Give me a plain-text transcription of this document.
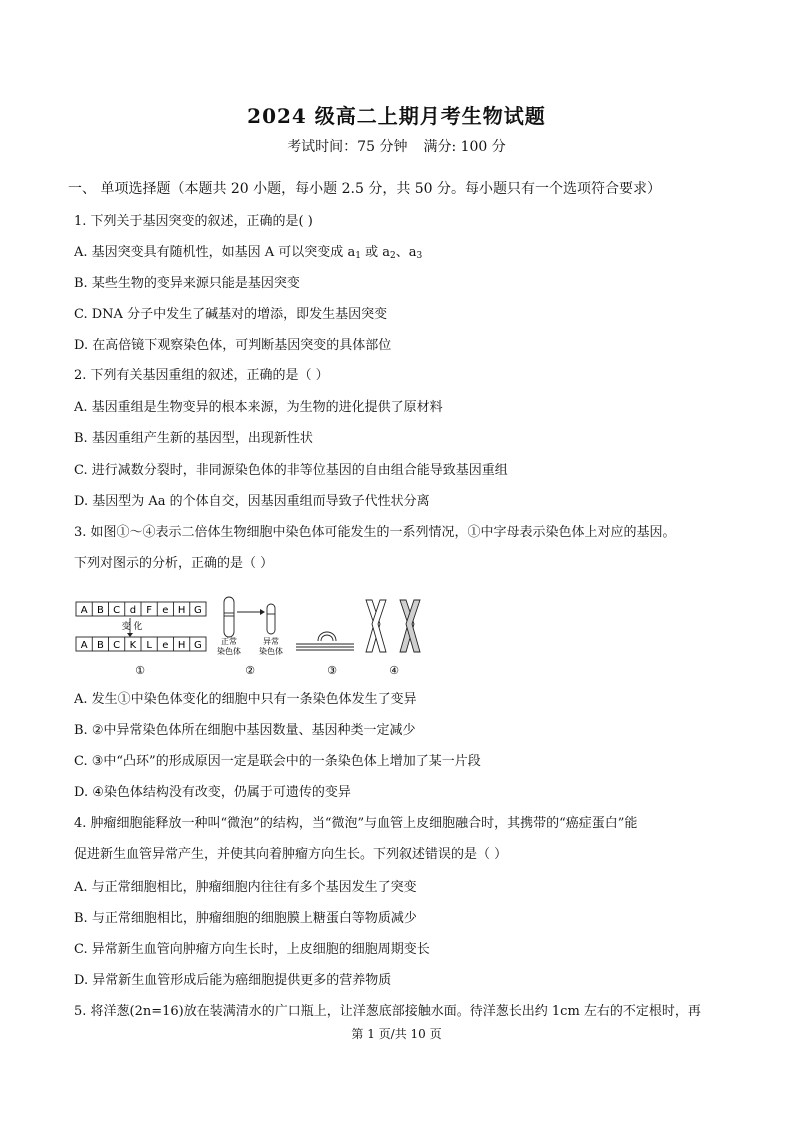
2024 级高二上期月考生物试题
考试时间：75 分钟 满分: 100 分
一、 单项选择题（本题共 20 小题，每小题 2.5 分，共 50 分。每小题只有一个选项符合要求）
1. 下列关于基因突变的叙述，正确的是( )
A. 基因突变具有随机性，如基因 A 可以突变成 $a_1$ 或 $a_2$、$a_3$
B. 某些生物的变异来源只能是基因突变
C. DNA 分子中发生了碱基对的增添，即发生基因突变
D. 在高倍镜下观察染色体，可判断基因突变的具体部位
2. 下列有关基因重组的叙述，正确的是（ ）
A. 基因重组是生物变异的根本来源，为生物的进化提供了原材料
B. 基因重组产生新的基因型，出现新性状
C. 进行减数分裂时，非同源染色体的非等位基因的自由组合能导致基因重组
D. 基因型为 Aa 的个体自交，因基因重组而导致子代性状分离
3. 如图①～④表示二倍体生物细胞中染色体可能发生的一系列情况，①中字母表示染色体上对应的基因。
下列对图示的分析，正确的是（ ）
A B C d F e H G
A B C K L e H G
变 化
①
正常
染色体
异常
染色体
②	③	④
A. 发生①中染色体变化的细胞中只有一条染色体发生了变异
B. ②中异常染色体所在细胞中基因数量、基因种类一定减少
C. ③中“凸环”的形成原因一定是联会中的一条染色体上增加了某一片段
D. ④染色体结构没有改变，仍属于可遗传的变异
4. 肿瘤细胞能释放一种叫“微泡”的结构，当“微泡”与血管上皮细胞融合时，其携带的“癌症蛋白”能
促进新生血管异常产生，并使其向着肿瘤方向生长。下列叙述错误的是（ ）
A. 与正常细胞相比，肿瘤细胞内往往有多个基因发生了突变
B. 与正常细胞相比，肿瘤细胞的细胞膜上糖蛋白等物质减少
C. 异常新生血管向肿瘤方向生长时，上皮细胞的细胞周期变长
D. 异常新生血管形成后能为癌细胞提供更多的营养物质
5. 将洋葱(2n=16)放在装满清水的广口瓶上，让洋葱底部接触水面。待洋葱长出约 1cm 左右的不定根时，再
第 1 页/共 10 页
